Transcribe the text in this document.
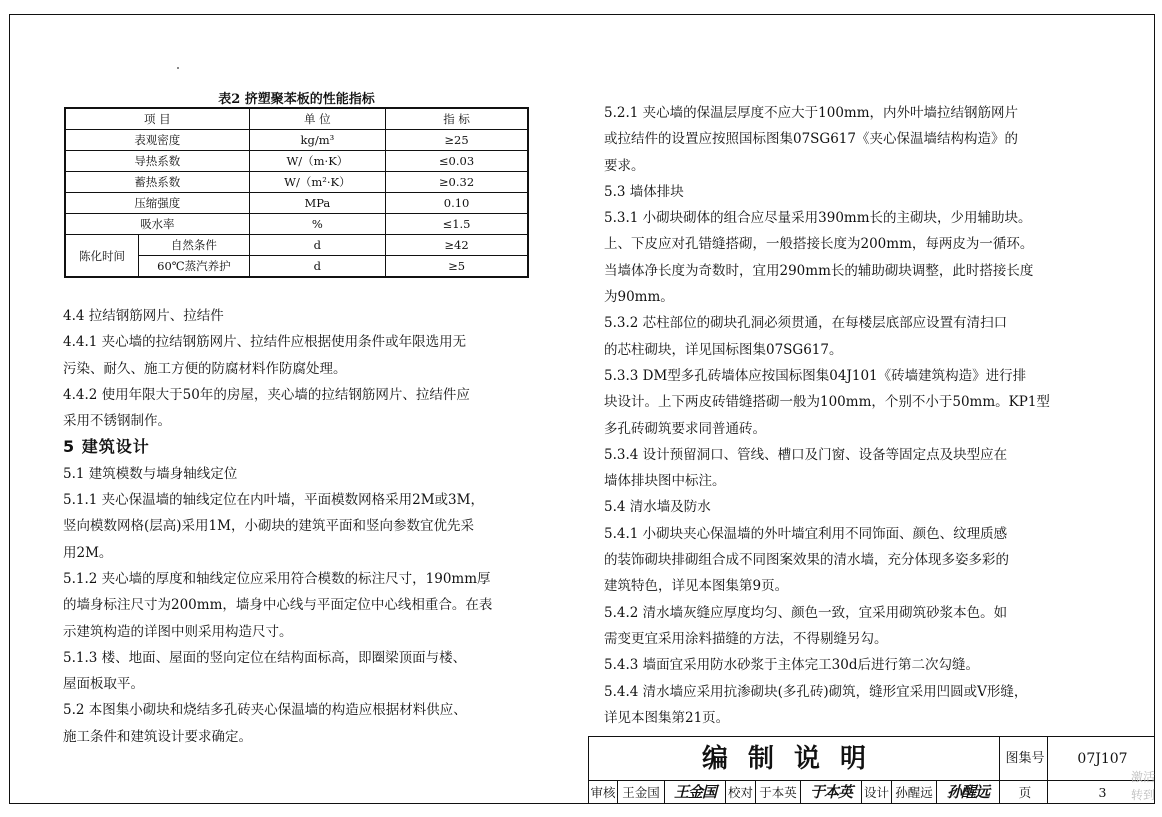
表2 挤塑聚苯板的性能指标
项 目		单 位	指 标
表观密度		kg/m³	≥25
导热系数		W/（m·K）	≤0.03
蓄热系数		W/（m²·K）	≥0.32
压缩强度		MPa	0.10
吸水率		%	≤1.5
陈化时间	自然条件	d	≥42
	60℃蒸汽养护	d	≥5

4.4 拉结钢筋网片、拉结件

4.4.1 夹心墙的拉结钢筋网片、拉结件应根据使用条件或年限选用无

污染、耐久、施工方便的防腐材料作防腐处理。

4.4.2 使用年限大于50年的房屋，夹心墙的拉结钢筋网片、拉结件应

采用不锈钢制作。

5 建筑设计

5.1 建筑模数与墙身轴线定位

5.1.1 夹心保温墙的轴线定位在内叶墙，平面模数网格采用2M或3M，

竖向模数网格(层高)采用1M，小砌块的建筑平面和竖向参数宜优先采

用2M。

5.1.2 夹心墙的厚度和轴线定位应采用符合模数的标注尺寸，190mm厚

的墙身标注尺寸为200mm，墙身中心线与平面定位中心线相重合。在表

示建筑构造的详图中则采用构造尺寸。

5.1.3 楼、地面、屋面的竖向定位在结构面标高，即圈梁顶面与楼、

屋面板取平。

5.2 本图集小砌块和烧结多孔砖夹心保温墙的构造应根据材料供应、

施工条件和建筑设计要求确定。

5.2.1 夹心墙的保温层厚度不应大于100mm，内外叶墙拉结钢筋网片

或拉结件的设置应按照国标图集07SG617《夹心保温墙结构构造》的

要求。

5.3 墙体排块

5.3.1 小砌块砌体的组合应尽量采用390mm长的主砌块，少用辅助块。

上、下皮应对孔错缝搭砌，一般搭接长度为200mm，每两皮为一循环。

当墙体净长度为奇数时，宜用290mm长的辅助砌块调整，此时搭接长度

为90mm。

5.3.2 芯柱部位的砌块孔洞必须贯通，在每楼层底部应设置有清扫口

的芯柱砌块，详见国标图集07SG617。

5.3.3 DM型多孔砖墙体应按国标图集04J101《砖墙建筑构造》进行排

块设计。上下两皮砖错缝搭砌一般为100mm，个别不小于50mm。KP1型

多孔砖砌筑要求同普通砖。

5.3.4 设计预留洞口、管线、槽口及门窗、设备等固定点及块型应在

墙体排块图中标注。

5.4 清水墙及防水

5.4.1 小砌块夹心保温墙的外叶墙宜利用不同饰面、颜色、纹理质感

的装饰砌块排砌组合成不同图案效果的清水墙，充分体现多姿多彩的

建筑特色，详见本图集第9页。

5.4.2 清水墙灰缝应厚度均匀、颜色一致，宜采用砌筑砂浆本色。如

需变更宜采用涂料描缝的方法，不得剔缝另勾。

5.4.3 墙面宜采用防水砂浆于主体完工30d后进行第二次勾缝。

5.4.4 清水墙应采用抗渗砌块(多孔砖)砌筑，缝形宜采用凹圆或V形缝，

详见本图集第21页。

编制说明	图集号	07J107
审核 王金国 王金国 校对 于本英 于本英 设计 孙醒远 孙醒远	页	3
激活
转到
